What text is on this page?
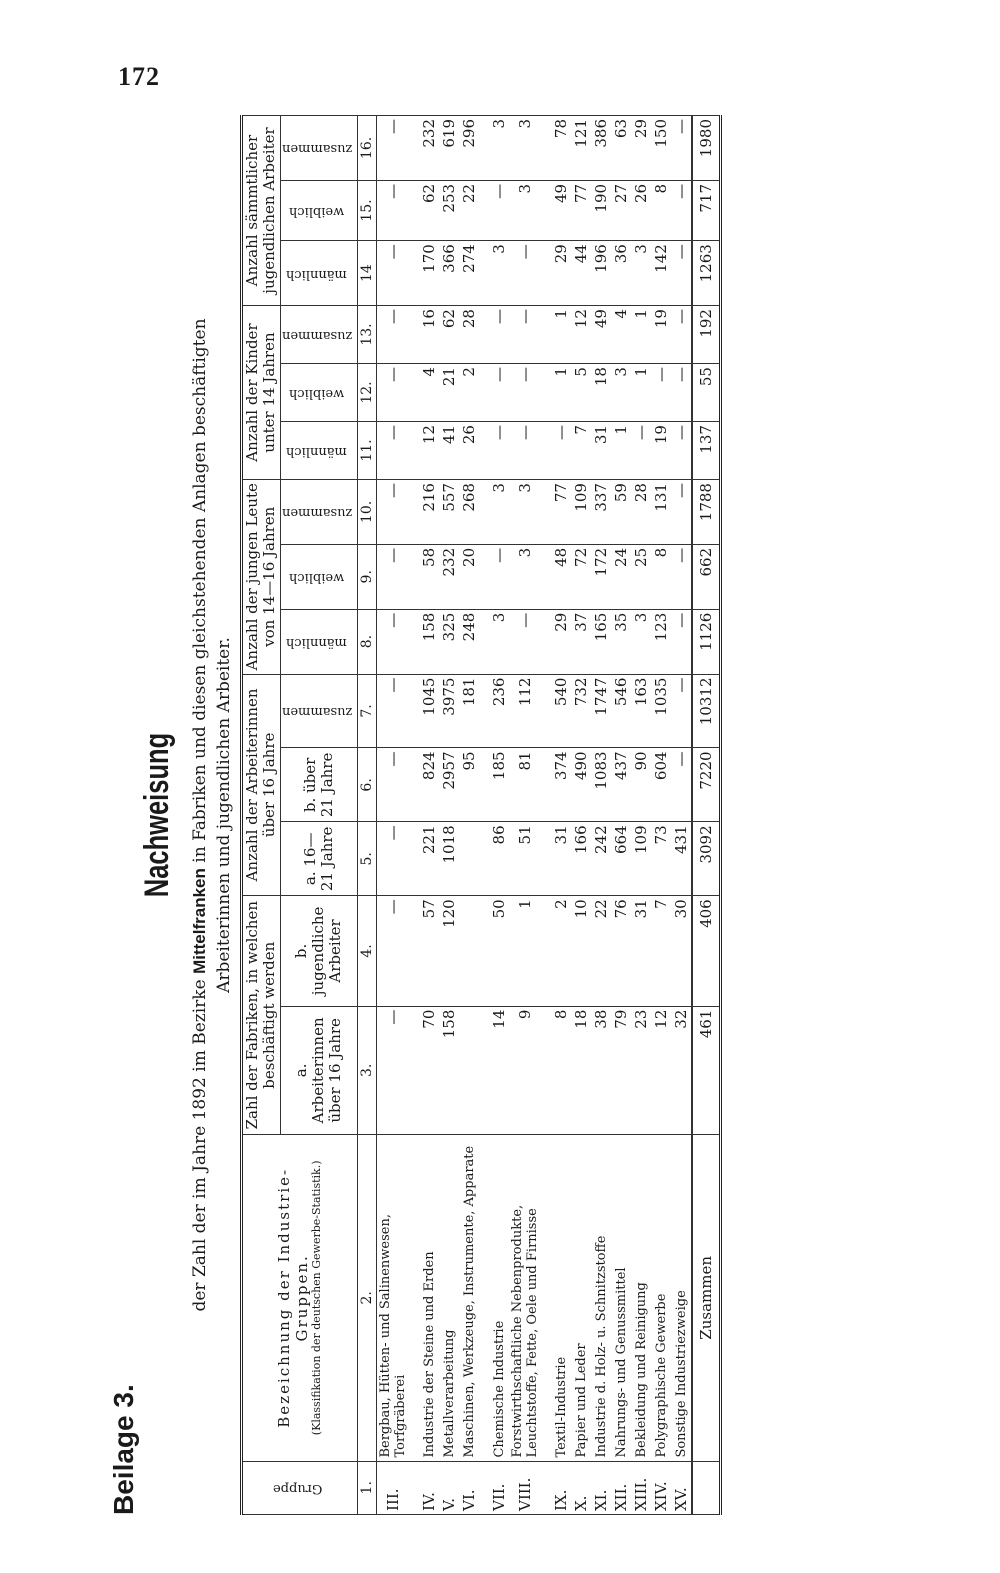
172
Beilage 3.
Nachweisung
der Zahl der im Jahre 1892 im Bezirke Mittelfranken in Fabriken und diesen gleichstehenden Anlagen beschäftigten Arbeiterinnen und jugendlichen Arbeiter.
Gruppe	Bezeichnung der Industrie-Gruppen. (Klassifikation der deutschen Gewerbe-Statistik.)	Zahl der Fabriken, in welchen beschäftigt werden		Anzahl der Arbeiterinnen über 16 Jahre			Anzahl der jungen Leute von 14—16 Jahren			Anzahl der Kinder unter 14 Jahren			Anzahl sämmtlicher jugendlichen Arbeiter		
		a. Arbeiterinnen über 16 Jahre	b. jugendliche Arbeiter	a. 16—21 Jahre	b. über 21 Jahre	zusammen	männlich	weiblich	zusammen	männlich	weiblich	zusammen	männlich	weiblich	zusammen
1.	2.	3.	4.	5.	6.	7.	8.	9.	10.	11.	12.	13.	14	15.	16.
III.	Bergbau, Hütten- und Salinenwesen, Torfgräberei	—	—	—	—	—	—	—	—	—	—	—	—	—	—

IV.	Industrie der Steine und Erden	70	57	221	824	1045	158	58	216	12	4	16	170	62	232
V.	Metallverarbeitung	158	120	1018	2957	3975	325	232	557	41	21	62	366	253	619
VI.	Maschinen, Werkzeuge, Instrumente, Apparate				95	181	248	20	268	26	2	28	274	22	296

VII.	Chemische Industrie	14	50	86	185	236	3	—	3	—	—	—	3	—	3
VIII.	Forstwirthschaftliche Nebenprodukte, Leuchtstoffe, Fette, Oele und Firnisse	9	1	51	81	112	—	3	3	—	—	—	—	3	3

IX.	Textil-Industrie	8	2	31	374	540	29	48	77	—	1	1	29	49	78
X.	Papier und Leder	18	10	166	490	732	37	72	109	7	5	12	44	77	121
XI.	Industrie d. Holz- u. Schnitzstoffe	38	22	242	1083	1747	165	172	337	31	18	49	196	190	386
XII.	Nahrungs- und Genussmittel	79	76	664	437	546	35	24	59	1	3	4	36	27	63
XIII.	Bekleidung und Reinigung	23	31	109	90	163	3	25	28	—	1	1	3	26	29
XIV.	Polygraphische Gewerbe	12	7	73	604	1035	123	8	131	19	—	19	142	8	150
XV.	Sonstige Industriezweige	32	30	431	—	—	—	—	—	—	—	—	—	—	—
	Zusammen	461	406	3092	7220	10312	1126	662	1788	137	55	192	1263	717	1980
